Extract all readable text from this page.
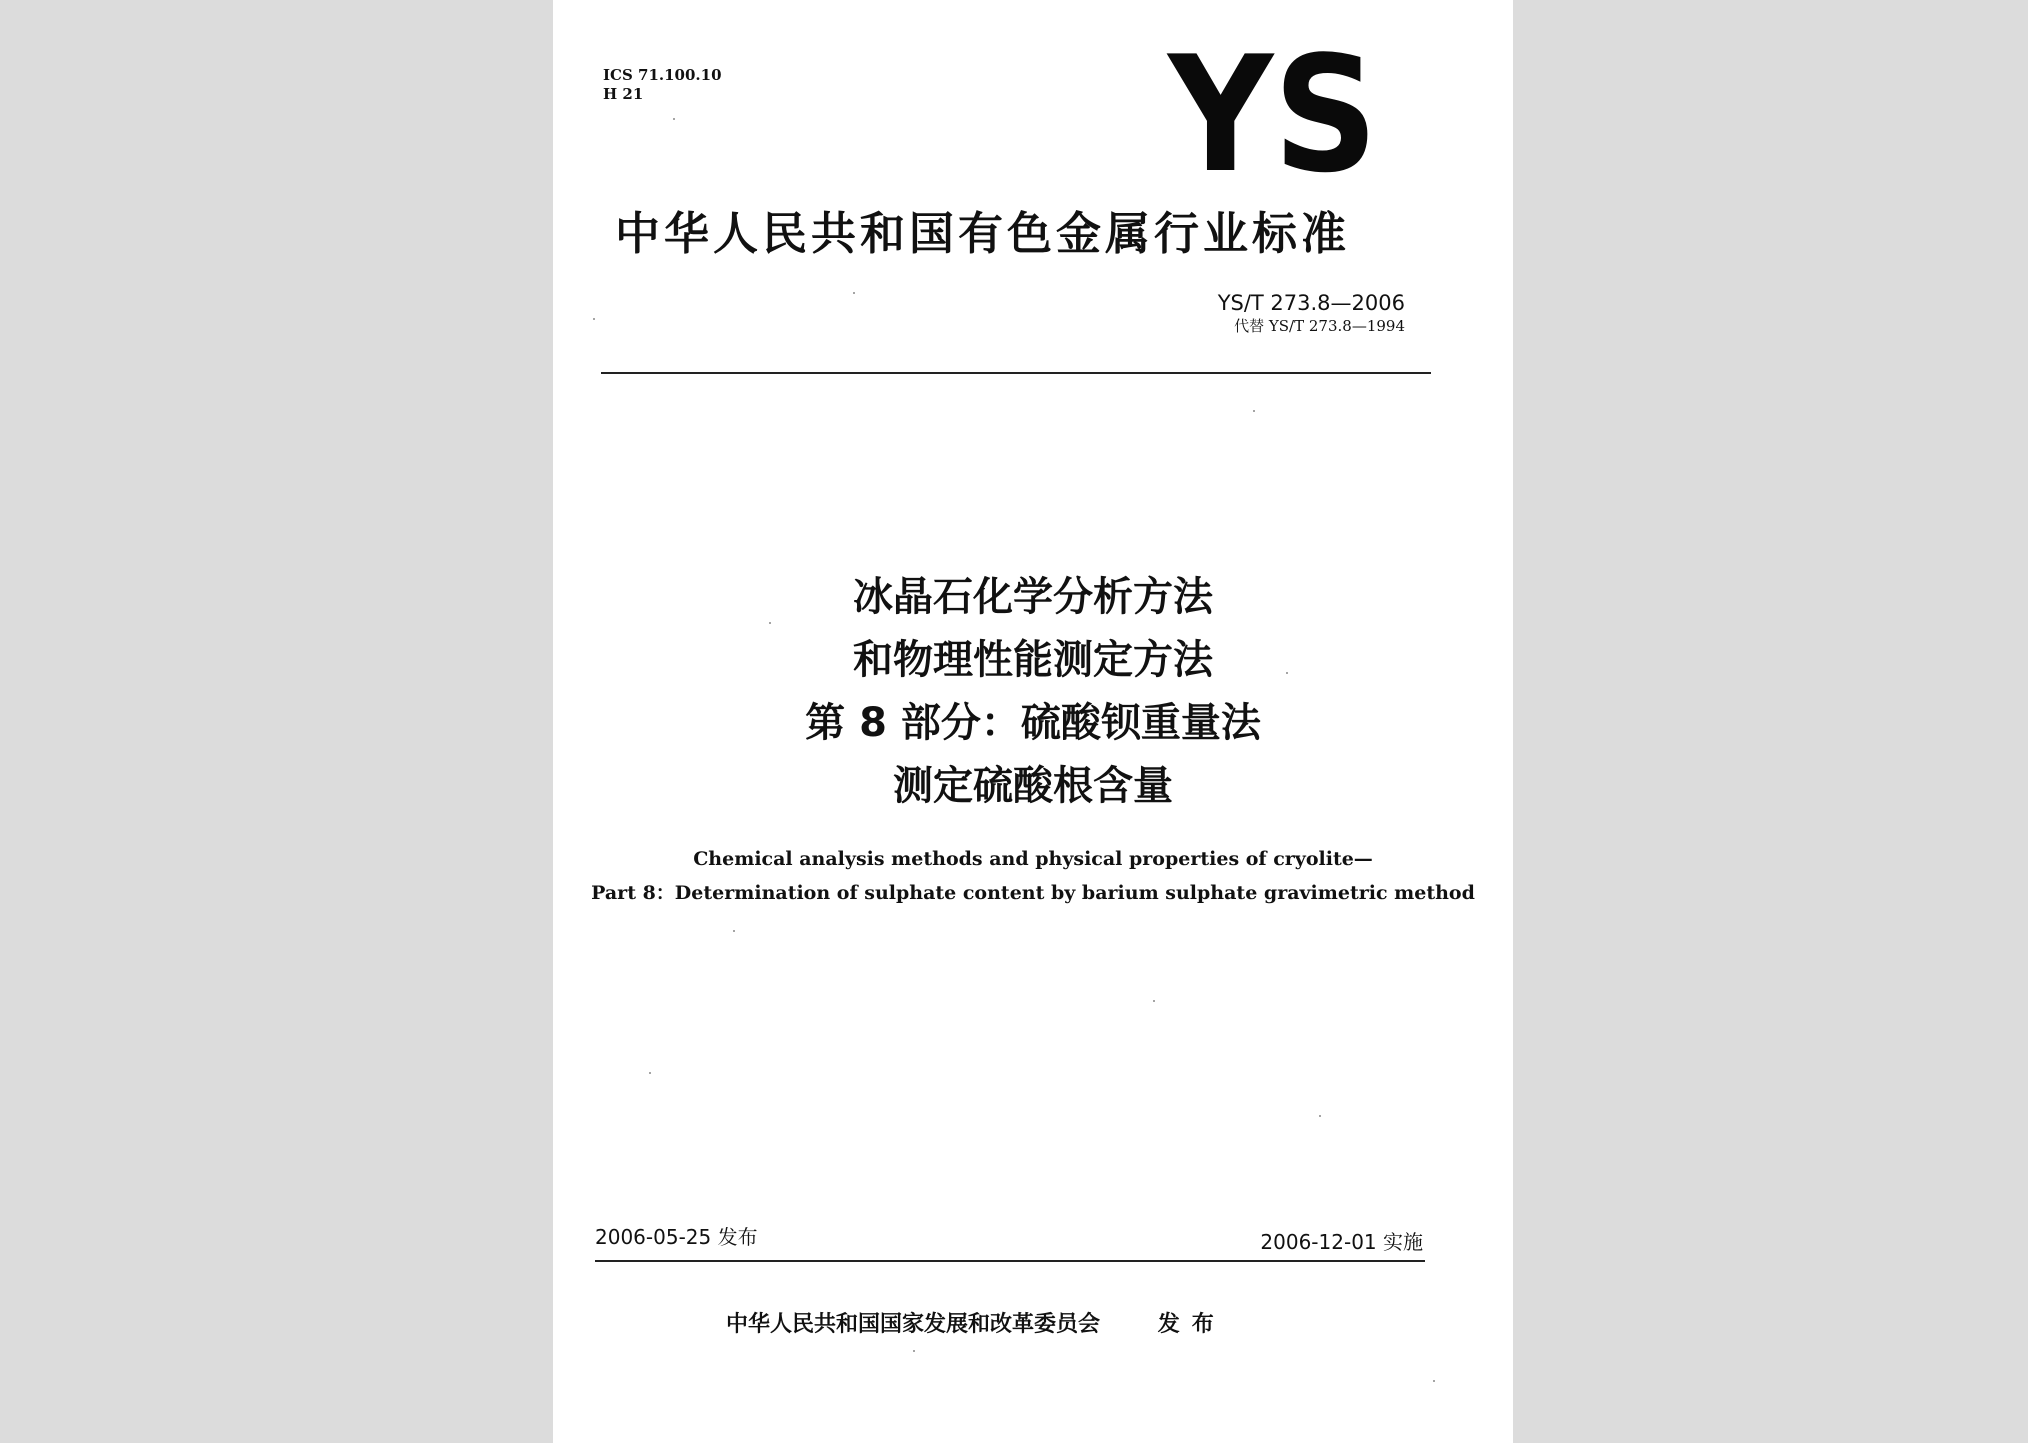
ICS 71.100.10
H 21	YS
中华人民共和国有色金属行业标准
YS/T 273.8—2006
代替 YS/T 273.8—1994
冰晶石化学分析方法
和物理性能测定方法
第 8 部分：硫酸钡重量法
测定硫酸根含量
Chemical analysis methods and physical properties of cryolite—
Part 8：Determination of sulphate content by barium sulphate gravimetric method
2006-05-25 发布	2006-12-01 实施
中华人民共和国国家发展和改革委员会	发布
